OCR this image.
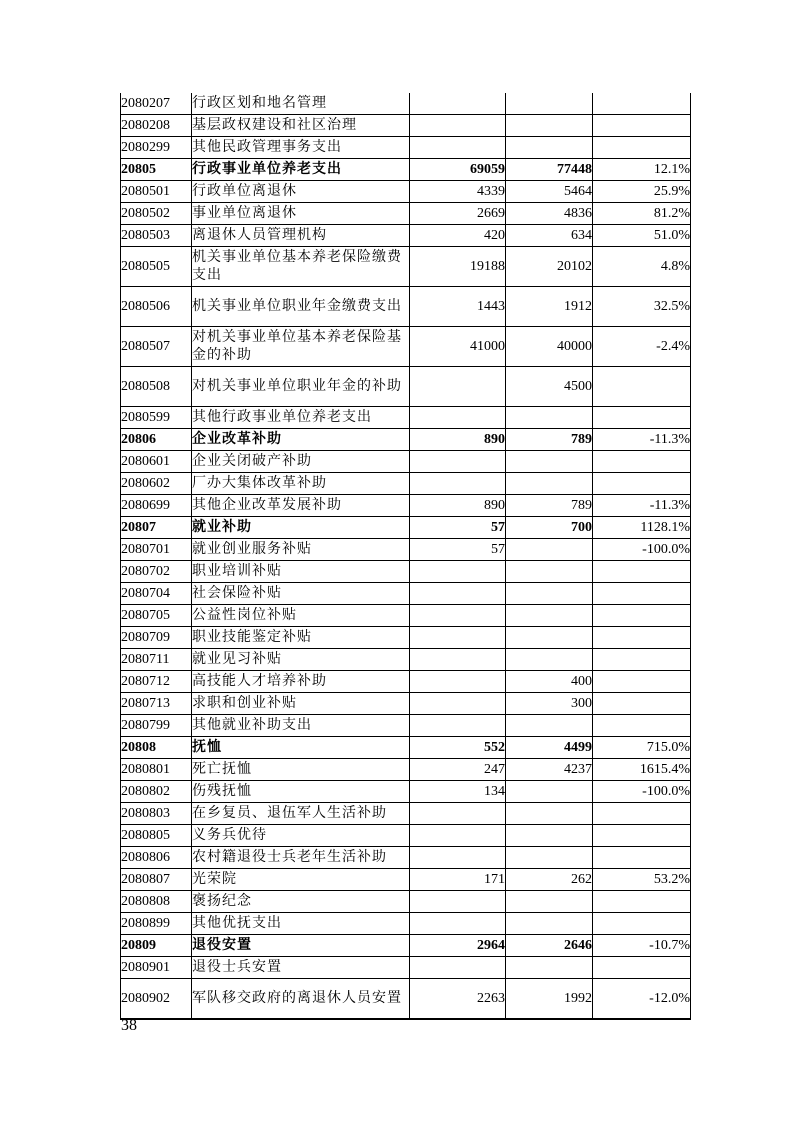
2080207	行政区划和地名管理			
2080208	基层政权建设和社区治理			
2080299	其他民政管理事务支出			
20805	行政事业单位养老支出	69059	77448	12.1%
2080501	行政单位离退休	4339	5464	25.9%
2080502	事业单位离退休	2669	4836	81.2%
2080503	离退休人员管理机构	420	634	51.0%
2080505	机关事业单位基本养老保险缴费支出	19188	20102	4.8%
2080506	机关事业单位职业年金缴费支出	1443	1912	32.5%
2080507	对机关事业单位基本养老保险基金的补助	41000	40000	-2.4%
2080508	对机关事业单位职业年金的补助		4500	
2080599	其他行政事业单位养老支出			
20806	企业改革补助	890	789	-11.3%
2080601	企业关闭破产补助			
2080602	厂办大集体改革补助			
2080699	其他企业改革发展补助	890	789	-11.3%
20807	就业补助	57	700	1128.1%
2080701	就业创业服务补贴	57		-100.0%
2080702	职业培训补贴			
2080704	社会保险补贴			
2080705	公益性岗位补贴			
2080709	职业技能鉴定补贴			
2080711	就业见习补贴			
2080712	高技能人才培养补助		400	
2080713	求职和创业补贴		300	
2080799	其他就业补助支出			
20808	抚恤	552	4499	715.0%
2080801	死亡抚恤	247	4237	1615.4%
2080802	伤残抚恤	134		-100.0%
2080803	在乡复员、退伍军人生活补助			
2080805	义务兵优待			
2080806	农村籍退役士兵老年生活补助			
2080807	光荣院	171	262	53.2%
2080808	褒扬纪念			
2080899	其他优抚支出			
20809	退役安置	2964	2646	-10.7%
2080901	退役士兵安置			
2080902	军队移交政府的离退休人员安置	2263	1992	-12.0%
38
